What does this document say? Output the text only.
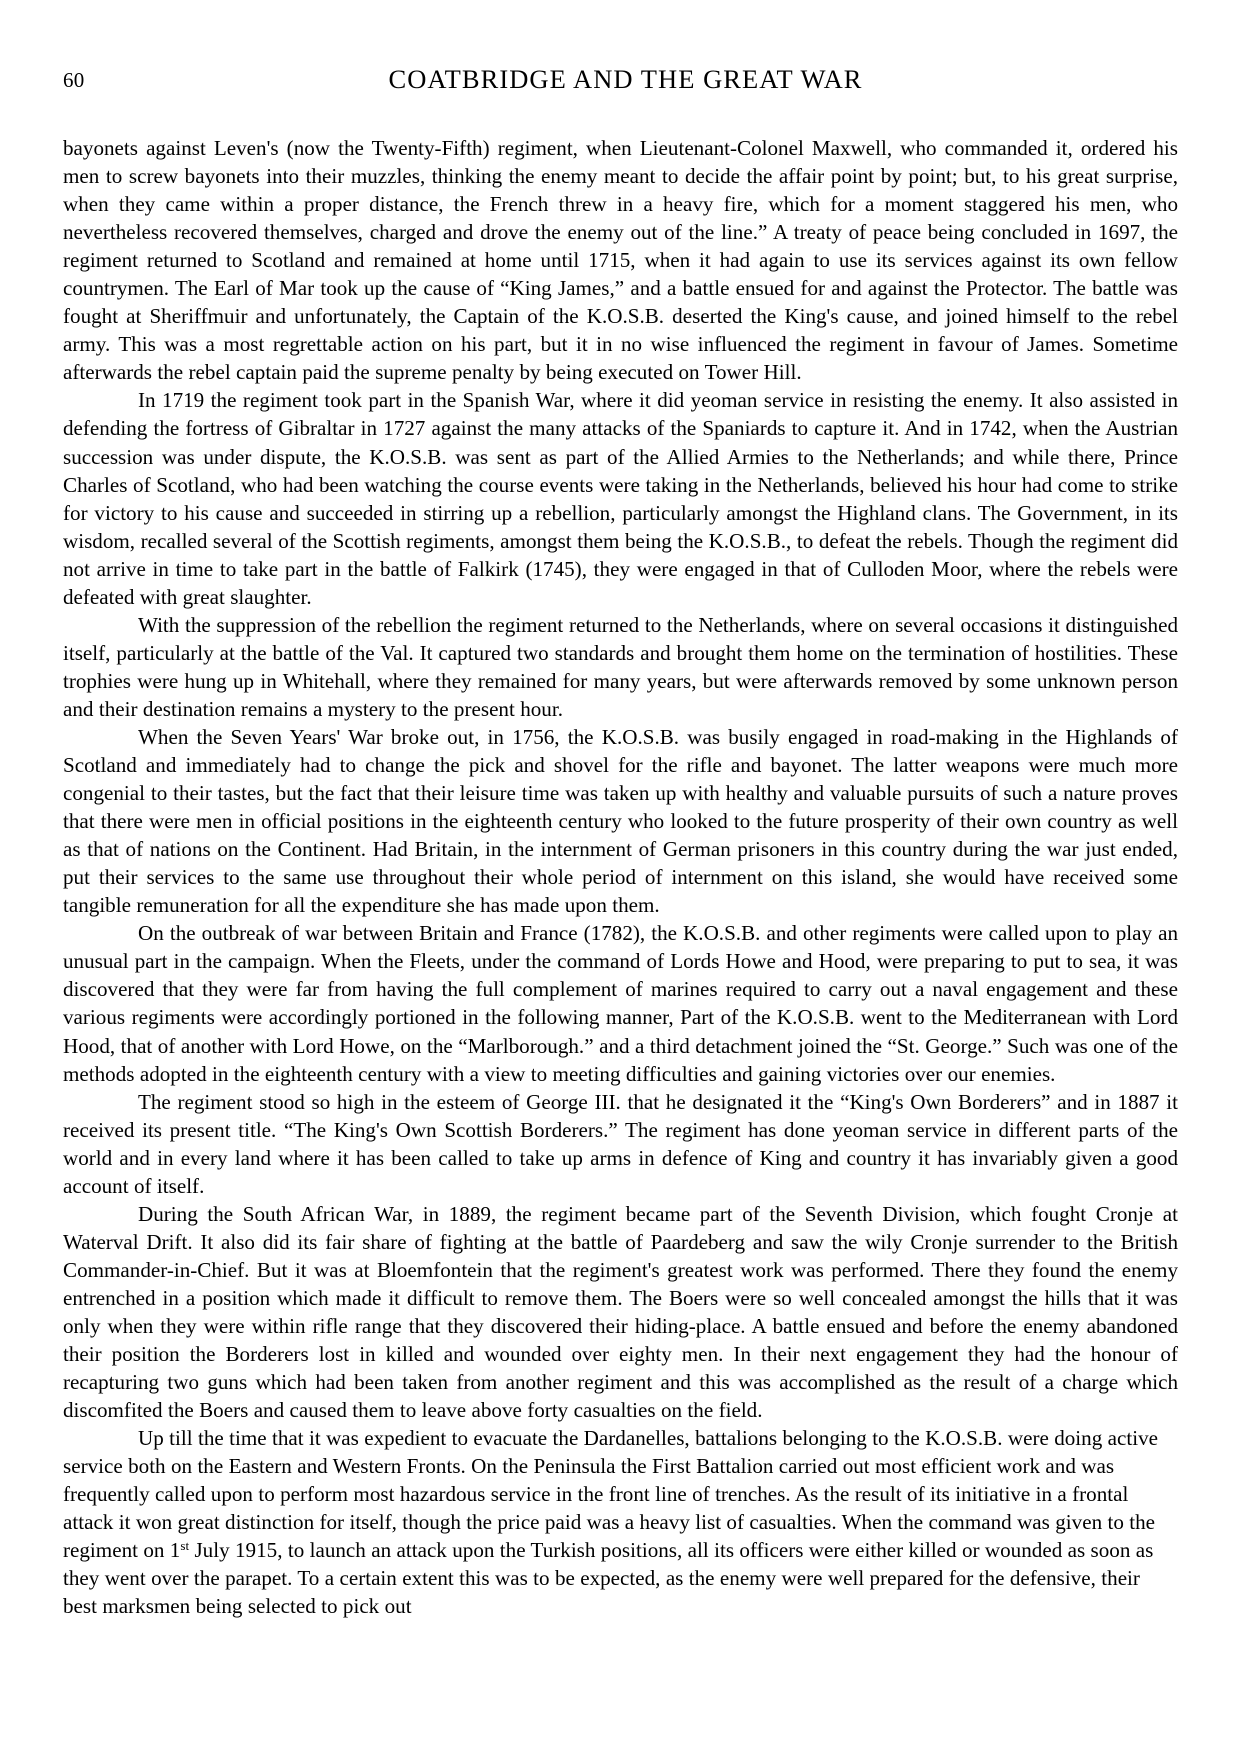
60	COATBRIDGE AND THE GREAT WAR

bayonets against Leven's (now the Twenty-Fifth) regiment, when Lieutenant-Colonel Maxwell, who commanded it, ordered his men to screw bayonets into their muzzles, thinking the enemy meant to decide the affair point by point; but, to his great surprise, when they came within a proper distance, the French threw in a heavy fire, which for a moment staggered his men, who nevertheless recovered themselves, charged and drove the enemy out of the line.” A treaty of peace being concluded in 1697, the regiment returned to Scotland and remained at home until 1715, when it had again to use its services against its own fellow countrymen. The Earl of Mar took up the cause of “King James,” and a battle ensued for and against the Protector. The battle was fought at Sheriffmuir and unfortunately, the Captain of the K.O.S.B. deserted the King's cause, and joined himself to the rebel army. This was a most regrettable action on his part, but it in no wise influenced the regiment in favour of James. Sometime afterwards the rebel captain paid the supreme penalty by being executed on Tower Hill.

In 1719 the regiment took part in the Spanish War, where it did yeoman service in resisting the enemy. It also assisted in defending the fortress of Gibraltar in 1727 against the many attacks of the Spaniards to capture it. And in 1742, when the Austrian succession was under dispute, the K.O.S.B. was sent as part of the Allied Armies to the Netherlands; and while there, Prince Charles of Scotland, who had been watching the course events were taking in the Netherlands, believed his hour had come to strike for victory to his cause and succeeded in stirring up a rebellion, particularly amongst the Highland clans. The Government, in its wisdom, recalled several of the Scottish regiments, amongst them being the K.O.S.B., to defeat the rebels. Though the regiment did not arrive in time to take part in the battle of Falkirk (1745), they were engaged in that of Culloden Moor, where the rebels were defeated with great slaughter.

With the suppression of the rebellion the regiment returned to the Netherlands, where on several occasions it distinguished itself, particularly at the battle of the Val. It captured two standards and brought them home on the termination of hostilities. These trophies were hung up in Whitehall, where they remained for many years, but were afterwards removed by some unknown person and their destination remains a mystery to the present hour.

When the Seven Years' War broke out, in 1756, the K.O.S.B. was busily engaged in road-making in the Highlands of Scotland and immediately had to change the pick and shovel for the rifle and bayonet. The latter weapons were much more congenial to their tastes, but the fact that their leisure time was taken up with healthy and valuable pursuits of such a nature proves that there were men in official positions in the eighteenth century who looked to the future prosperity of their own country as well as that of nations on the Continent. Had Britain, in the internment of German prisoners in this country during the war just ended, put their services to the same use throughout their whole period of internment on this island, she would have received some tangible remuneration for all the expenditure she has made upon them.

On the outbreak of war between Britain and France (1782), the K.O.S.B. and other regiments were called upon to play an unusual part in the campaign. When the Fleets, under the command of Lords Howe and Hood, were preparing to put to sea, it was discovered that they were far from having the full complement of marines required to carry out a naval engagement and these various regiments were accordingly portioned in the following manner, Part of the K.O.S.B. went to the Mediterranean with Lord Hood, that of another with Lord Howe, on the “Marlborough.” and a third detachment joined the “St. George.” Such was one of the methods adopted in the eighteenth century with a view to meeting difficulties and gaining victories over our enemies.

The regiment stood so high in the esteem of George III. that he designated it the “King's Own Borderers” and in 1887 it received its present title. “The King's Own Scottish Borderers.” The regiment has done yeoman service in different parts of the world and in every land where it has been called to take up arms in defence of King and country it has invariably given a good account of itself.

During the South African War, in 1889, the regiment became part of the Seventh Division, which fought Cronje at Waterval Drift. It also did its fair share of fighting at the battle of Paardeberg and saw the wily Cronje surrender to the British Commander-in-Chief. But it was at Bloemfontein that the regiment's greatest work was performed. There they found the enemy entrenched in a position which made it difficult to remove them. The Boers were so well concealed amongst the hills that it was only when they were within rifle range that they discovered their hiding-place. A battle ensued and before the enemy abandoned their position the Borderers lost in killed and wounded over eighty men. In their next engagement they had the honour of recapturing two guns which had been taken from another regiment and this was accomplished as the result of a charge which discomfited the Boers and caused them to leave above forty casualties on the field.

Up till the time that it was expedient to evacuate the Dardanelles, battalions belonging to the K.O.S.B. were doing active service both on the Eastern and Western Fronts. On the Peninsula the First Battalion carried out most efficient work and was frequently called upon to perform most hazardous service in the front line of trenches. As the result of its initiative in a frontal attack it won great distinction for itself, though the price paid was a heavy list of casualties. When the command was given to the regiment on 1st July 1915, to launch an attack upon the Turkish positions, all its officers were either killed or wounded as soon as they went over the parapet. To a certain extent this was to be expected, as the enemy were well prepared for the defensive, their best marksmen being selected to pick out
